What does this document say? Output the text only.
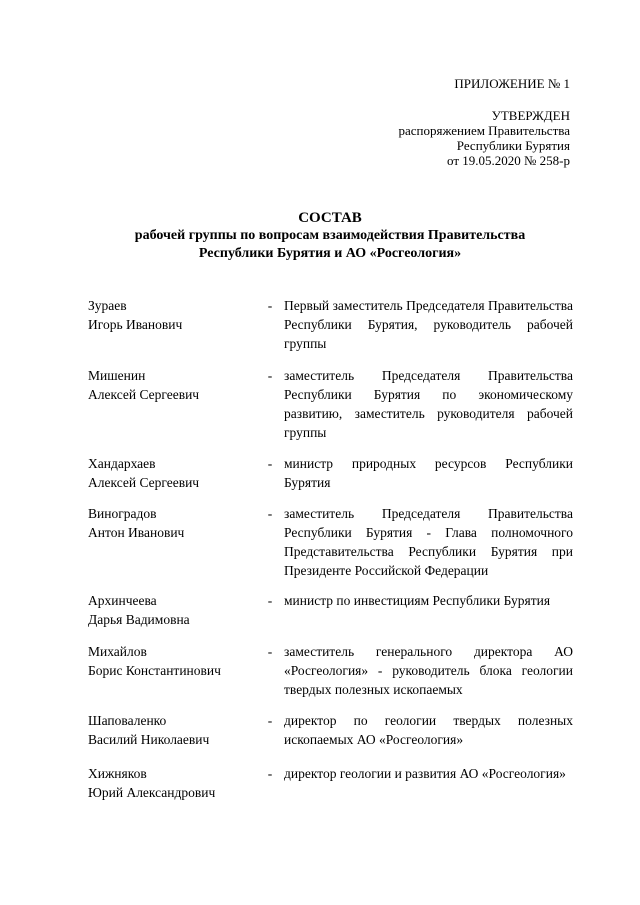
ПРИЛОЖЕНИЕ № 1
УТВЕРЖДЕН
распоряжением Правительства
Республики Бурятия
от 19.05.2020 № 258-р
СОСТАВ
рабочей группы по вопросам взаимодействия Правительства
Республики Бурятия и АО «Росгеология»
Зураев
Игорь Иванович
- Первый заместитель Председателя Правительства Республики Бурятия, руководитель рабочей группы
Мишенин
Алексей Сергеевич
- заместитель Председателя Правительства Республики Бурятия по экономическому развитию, заместитель руководителя рабочей группы
Хандархаев
Алексей Сергеевич
- министр природных ресурсов Республики Бурятия
Виноградов
Антон Иванович
- заместитель Председателя Правительства Республики Бурятия - Глава полномочного Представительства Республики Бурятия при Президенте Российской Федерации
Архинчеева
Дарья Вадимовна
- министр по инвестициям Республики Бурятия
Михайлов
Борис Константинович
- заместитель генерального директора АО «Росгеология» - руководитель блока геологии твердых полезных ископаемых
Шаповаленко
Василий Николаевич
- директор по геологии твердых полезных ископаемых АО «Росгеология»
Хижняков
Юрий Александрович
- директор геологии и развития АО «Росгеология»
